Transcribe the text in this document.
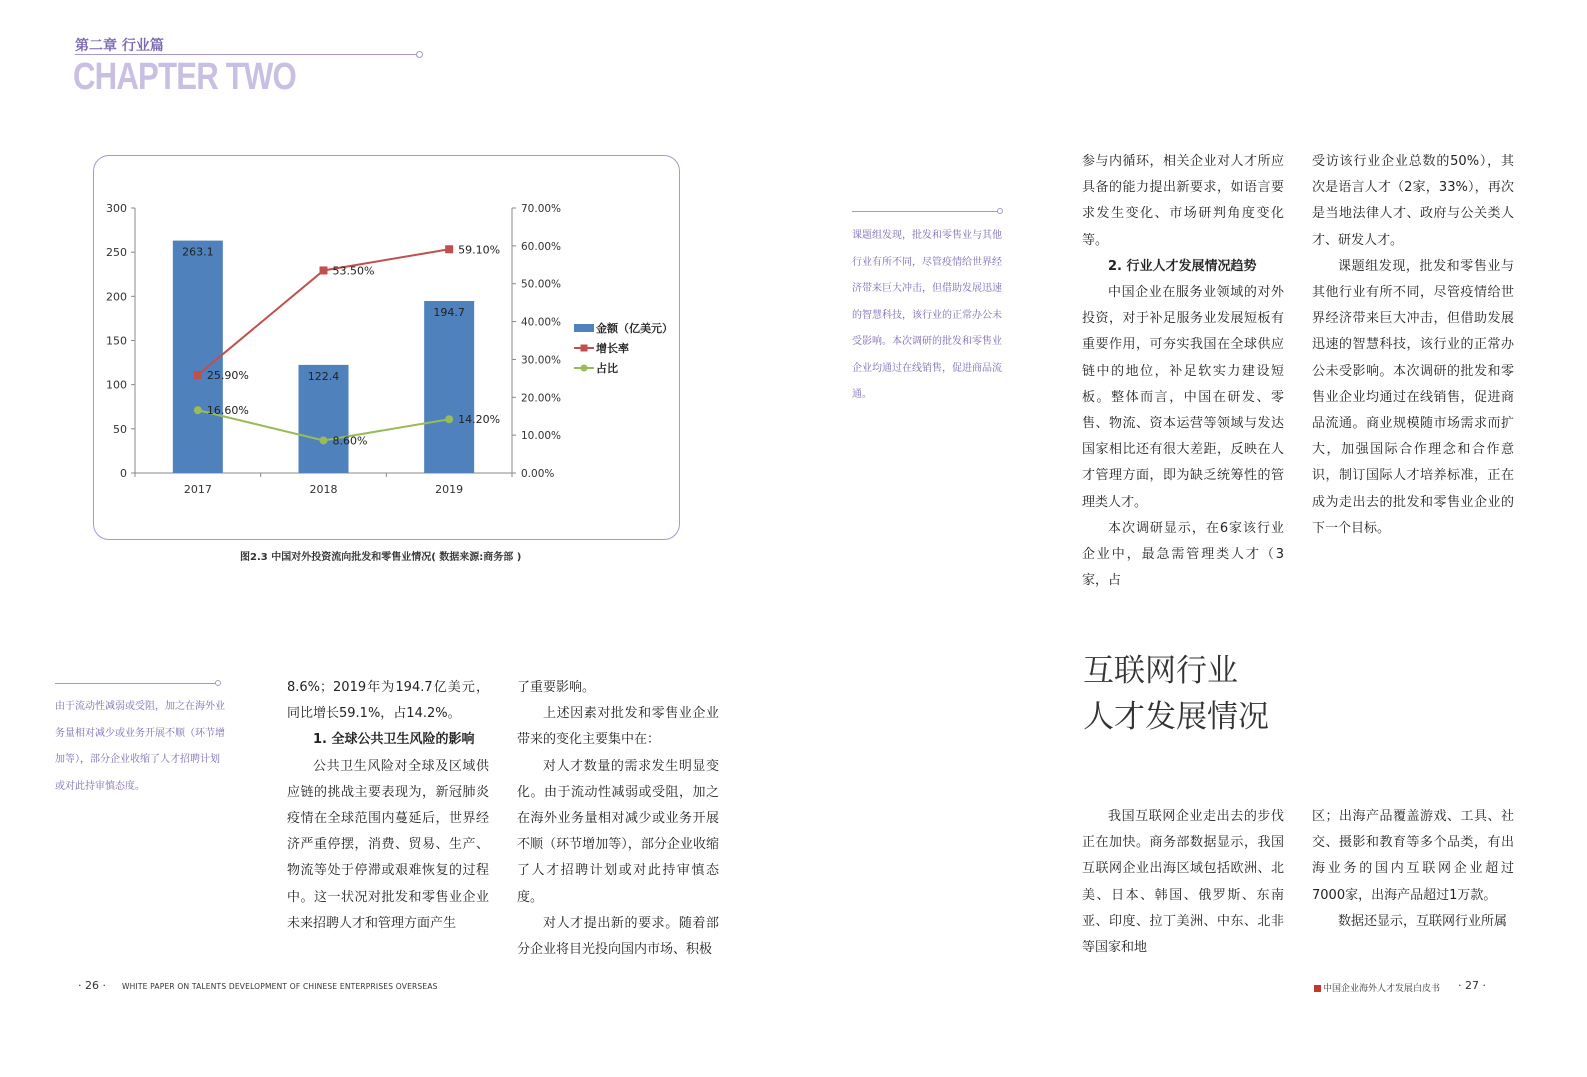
第二章 行业篇
CHAPTER TWO
0
50
100
150
200
250
300
0.00%
10.00%
20.00%
30.00%
40.00%
50.00%
60.00%
70.00%
2017	2018	2019
263.1
122.4
194.7
25.90%
53.50%
59.10%
16.60%
8.60%
14.20%
金额（亿美元）
增长率
占比
图2.3 中国对外投资流向批发和零售业情况( 数据来源:商务部 )
由于流动性减弱或受阻，加之在海外业务量相对减少或业务开展不顺（环节增加等），部分企业收缩了人才招聘计划或对此持审慎态度。

8.6%；2019年为194.7亿美元，同比增长59.1%，占14.2%。

1. 全球公共卫生风险的影响

公共卫生风险对全球及区域供应链的挑战主要表现为，新冠肺炎疫情在全球范围内蔓延后，世界经济严重停摆，消费、贸易、生产、物流等处于停滞或艰难恢复的过程中。这一状况对批发和零售业企业未来招聘人才和管理方面产生

了重要影响。

上述因素对批发和零售业企业带来的变化主要集中在：

对人才数量的需求发生明显变化。由于流动性减弱或受阻，加之在海外业务量相对减少或业务开展不顺（环节增加等），部分企业收缩了人才招聘计划或对此持审慎态度。

对人才提出新的要求。随着部分企业将目光投向国内市场、积极

课题组发现，批发和零售业与其他行业有所不同，尽管疫情给世界经济带来巨大冲击，但借助发展迅速的智慧科技，该行业的正常办公未受影响。本次调研的批发和零售业企业均通过在线销售，促进商品流通。

参与内循环，相关企业对人才所应具备的能力提出新要求，如语言要求发生变化、市场研判角度变化等。

2. 行业人才发展情况趋势

中国企业在服务业领域的对外投资，对于补足服务业发展短板有重要作用，可夯实我国在全球供应链中的地位，补足软实力建设短板。整体而言，中国在研发、零售、物流、资本运营等领域与发达国家相比还有很大差距，反映在人才管理方面，即为缺乏统筹性的管理类人才。

本次调研显示，在6家该行业企业中，最急需管理类人才（3家，占

受访该行业企业总数的50%），其次是语言人才（2家，33%），再次是当地法律人才、政府与公关类人才、研发人才。

课题组发现，批发和零售业与其他行业有所不同，尽管疫情给世界经济带来巨大冲击，但借助发展迅速的智慧科技，该行业的正常办公未受影响。本次调研的批发和零售业企业均通过在线销售，促进商品流通。商业规模随市场需求而扩大，加强国际合作理念和合作意识，制订国际人才培养标准，正在成为走出去的批发和零售业企业的下一个目标。

互联网行业
人才发展情况

我国互联网企业走出去的步伐正在加快。商务部数据显示，我国互联网企业出海区域包括欧洲、北美、日本、韩国、俄罗斯、东南亚、印度、拉丁美洲、中东、北非等国家和地

区；出海产品覆盖游戏、工具、社交、摄影和教育等多个品类，有出海业务的国内互联网企业超过7000家，出海产品超过1万款。

数据还显示，互联网行业所属

· 26 · WHITE PAPER ON TALENTS DEVELOPMENT OF CHINESE ENTERPRISES OVERSEAS	中国企业海外人才发展白皮书 · 27 ·
